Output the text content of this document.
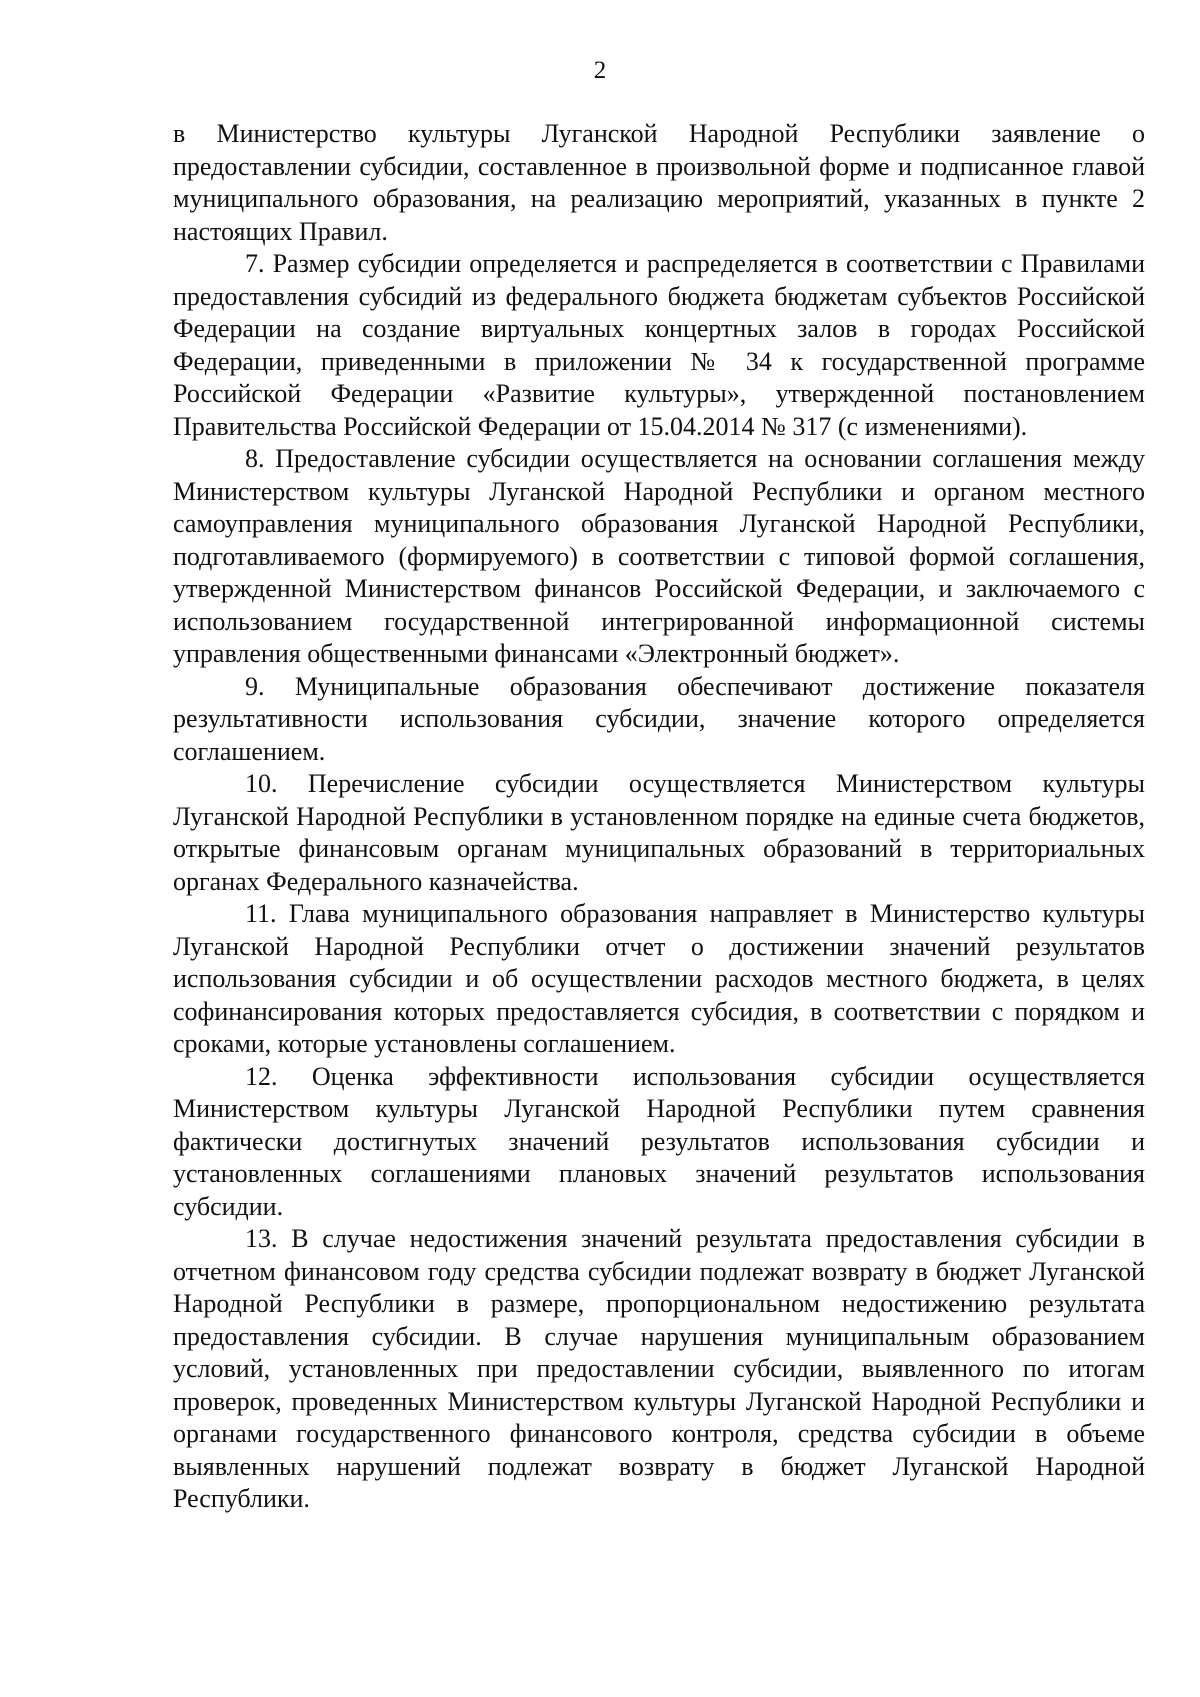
2

в Министерство культуры Луганской Народной Республики заявление о предоставлении субсидии, составленное в произвольной форме и подписанное главой муниципального образования, на реализацию мероприятий, указанных в пункте 2 настоящих Правил.

7. Размер субсидии определяется и распределяется в соответствии с Правилами предоставления субсидий из федерального бюджета бюджетам субъектов Российской Федерации на создание виртуальных концертных залов в городах Российской Федерации, приведенными в приложении № 34 к государственной программе Российской Федерации «Развитие культуры», утвержденной постановлением Правительства Российской Федерации от 15.04.2014 № 317 (с изменениями).

8. Предоставление субсидии осуществляется на основании соглашения между Министерством культуры Луганской Народной Республики и органом местного самоуправления муниципального образования Луганской Народной Республики, подготавливаемого (формируемого) в соответствии с типовой формой соглашения, утвержденной Министерством финансов Российской Федерации, и заключаемого с использованием государственной интегрированной информационной системы управления общественными финансами «Электронный бюджет».

9. Муниципальные образования обеспечивают достижение показателя результативности использования субсидии, значение которого определяется соглашением.

10. Перечисление субсидии осуществляется Министерством культуры Луганской Народной Республики в установленном порядке на единые счета бюджетов, открытые финансовым органам муниципальных образований в территориальных органах Федерального казначейства.

11. Глава муниципального образования направляет в Министерство культуры Луганской Народной Республики отчет о достижении значений результатов использования субсидии и об осуществлении расходов местного бюджета, в целях софинансирования которых предоставляется субсидия, в соответствии с порядком и сроками, которые установлены соглашением.

12. Оценка эффективности использования субсидии осуществляется Министерством культуры Луганской Народной Республики путем сравнения фактически достигнутых значений результатов использования субсидии и установленных соглашениями плановых значений результатов использования субсидии.

13. В случае недостижения значений результата предоставления субсидии в отчетном финансовом году средства субсидии подлежат возврату в бюджет Луганской Народной Республики в размере, пропорциональном недостижению результата предоставления субсидии. В случае нарушения муниципальным образованием условий, установленных при предоставлении субсидии, выявленного по итогам проверок, проведенных Министерством культуры Луганской Народной Республики и органами государственного финансового контроля, средства субсидии в объеме выявленных нарушений подлежат возврату в бюджет Луганской Народной Республики.
